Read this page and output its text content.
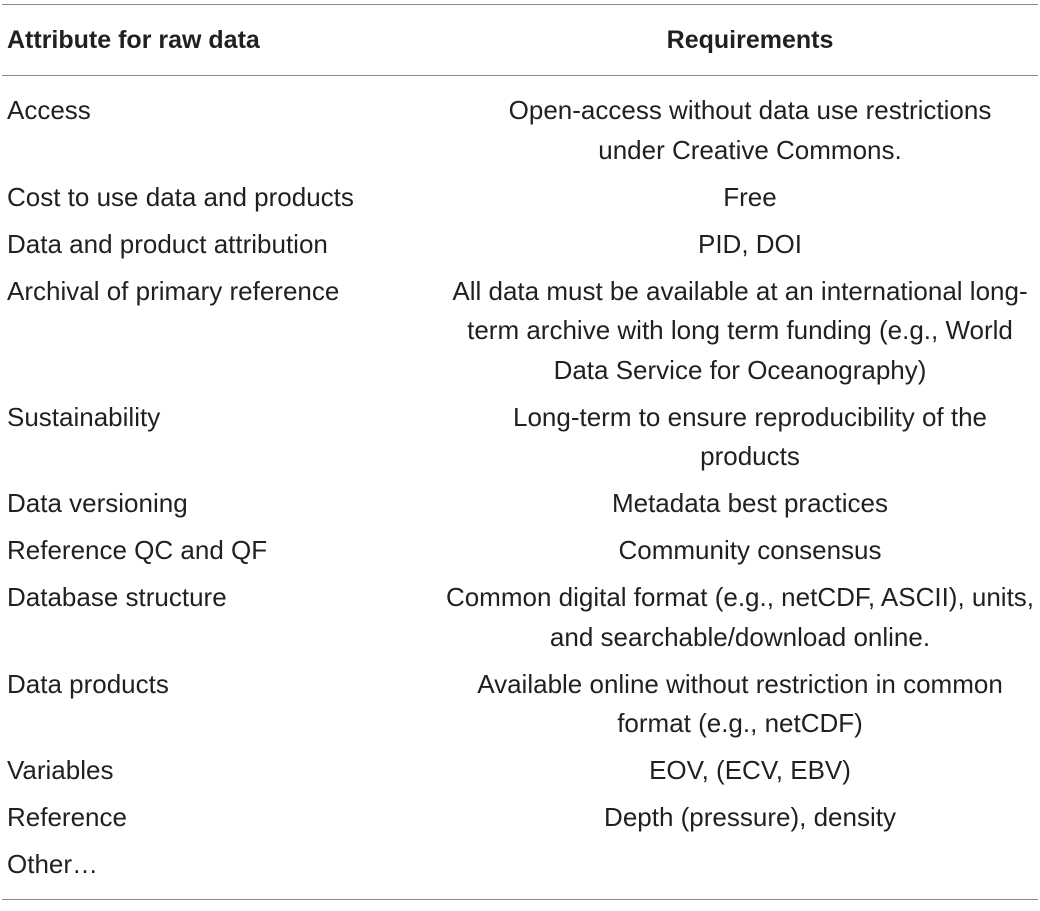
Attribute for raw data	Requirements
Access	Open-access without data use restrictions under Creative Commons.
Cost to use data and products	Free
Data and product attribution	PID, DOI
Archival of primary reference	All data must be available at an international long-term archive with long term funding (e.g., World Data Service for Oceanography)
Sustainability	Long-term to ensure reproducibility of the products
Data versioning	Metadata best practices
Reference QC and QF	Community consensus
Database structure	Common digital format (e.g., netCDF, ASCII), units, and searchable/download online.
Data products	Available online without restriction in common format (e.g., netCDF)
Variables	EOV, (ECV, EBV)
Reference	Depth (pressure), density
Other…	
